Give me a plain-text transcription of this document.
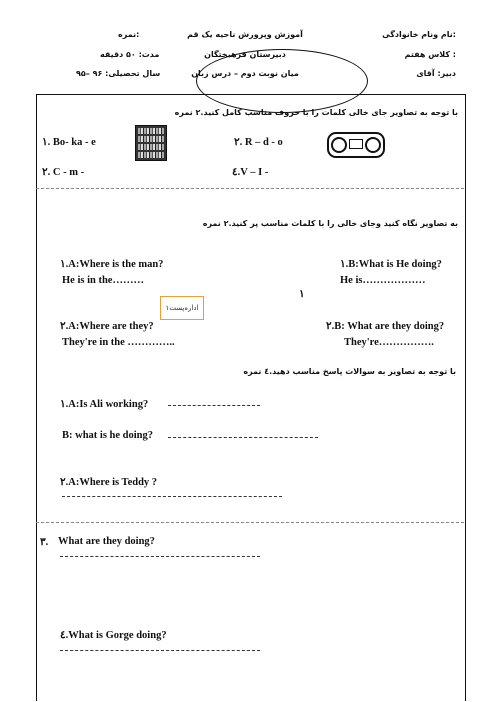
نام ونام خانوادگی:
کلاس هفتم :
دبیر: آقای
آموزش وپرورش ناحیه یک قم
دبیرستان فرهیختگان
میان نوبت دوم – درس زبان
نمره:
مدت: ۵۰ دقیقه
سال تحصیلی: ۹۶ –۹۵
با توجه به تصاویر جای خالی کلمات را با حروف مناسب کامل کنید.۲ نمره
۱. Bo- ka - e	۲. R – d - o
۲. C - m -	٤.V – I -
به تصاویر نگاه کنید وجای خالی را با کلمات مناسب پر کنید.۲ نمره
۱.A:Where is the man?
He is in the………
۱.B:What is He doing?
He is………………
۱
۱اداره‌پست
۲.A:Where are they?
They're in the …………..
۲.B: What are they doing?
They're…………….
با توجه به تصاویر به سوالات پاسخ مناسب دهید.٤ نمره
۱.A:Is Ali working?
B: what is he doing?
۲.A:Where is Teddy ?
۳. What are they doing?
٤.What is Gorge doing?
